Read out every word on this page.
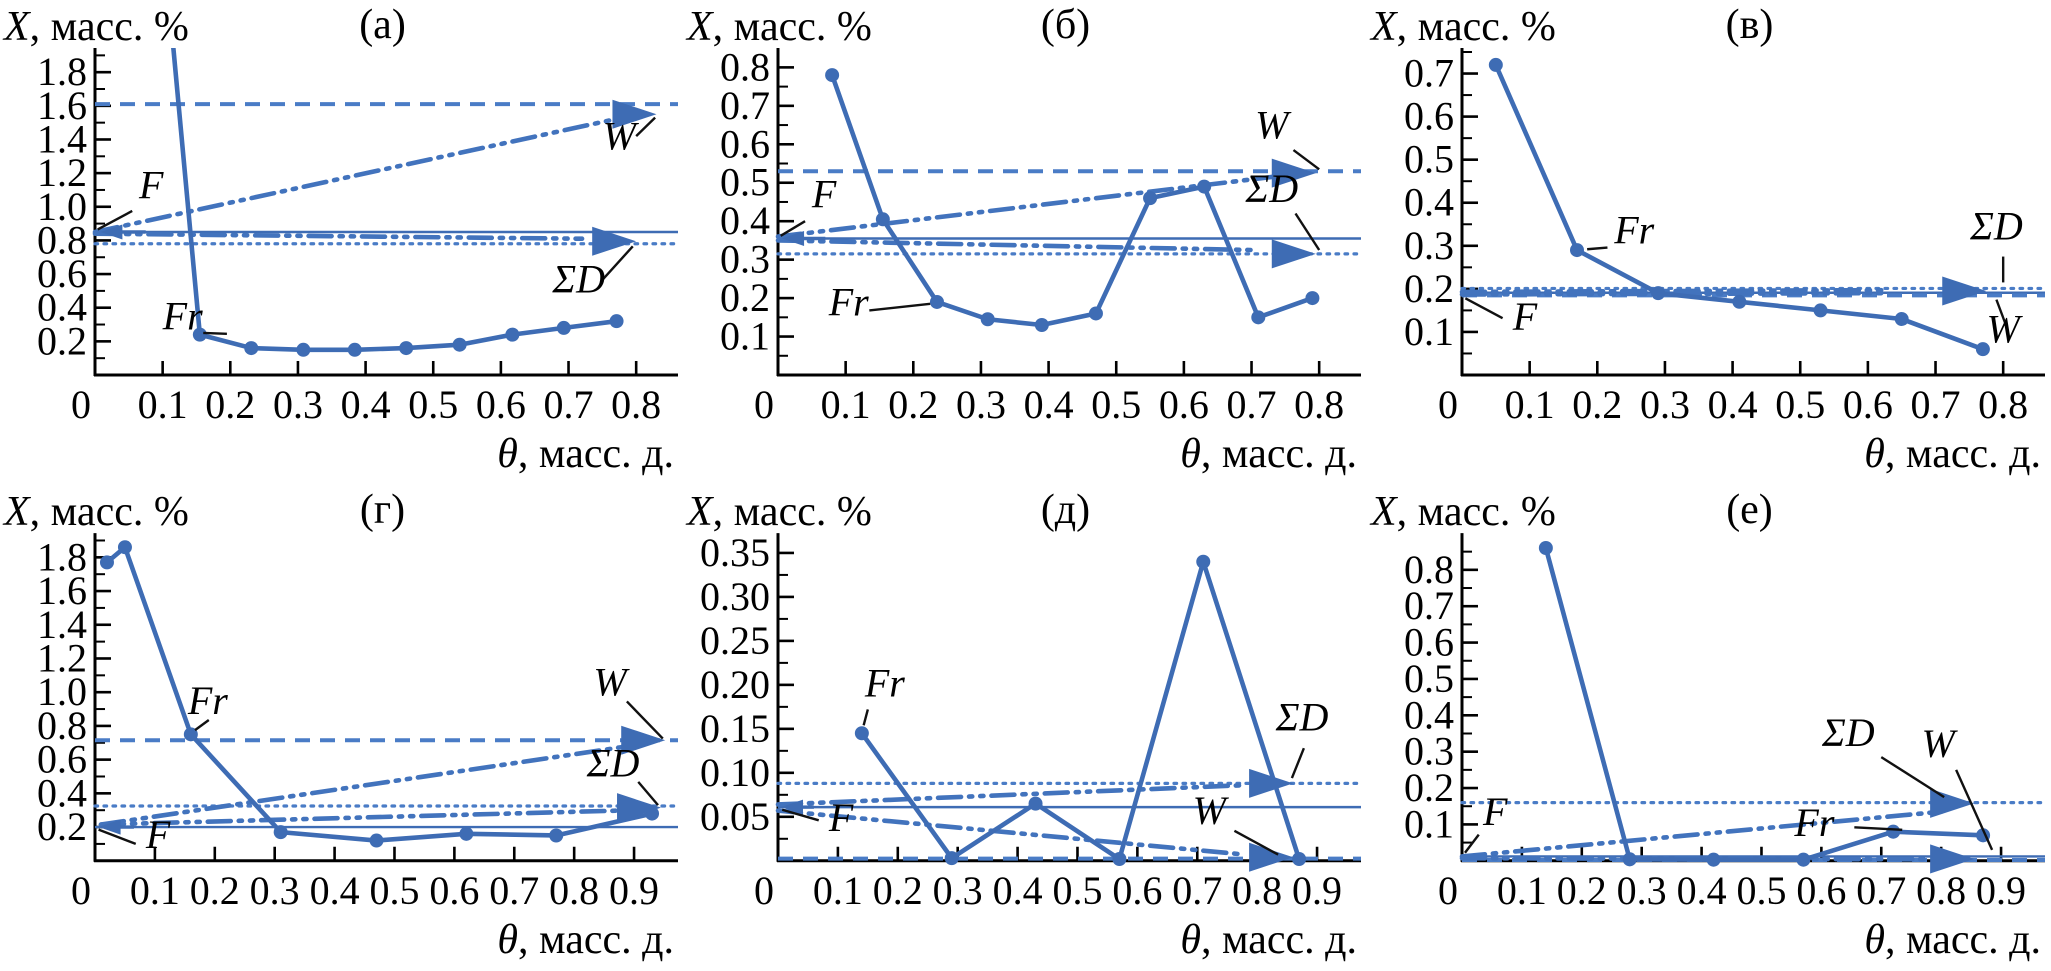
0.2
0.4
0.6
0.8
1.0
1.2
1.4
1.6
1.8
0.1 0.2 0.3 0.4 0.5 0.6 0.7 0.8
0
F
Fr
W
ΣD
(а)
X, масс. %
θ, масс. д.
0.1
0.2
0.3
0.4
0.5
0.6
0.7
0.8
0.1 0.2 0.3 0.4 0.5 0.6 0.7 0.8
0
F
Fr
W
ΣD
(б)
X, масс. %
θ, масс. д.
0.1
0.2
0.3
0.4
0.5
0.6
0.7
0.1 0.2 0.3 0.4 0.5 0.6 0.7 0.8
0
F
Fr
W
ΣD
(в)
X, масс. %
θ, масс. д.
0.2
0.4
0.6
0.8
1.0
1.2
1.4
1.6
1.8
0.1 0.2 0.3 0.4 0.5 0.6 0.7 0.8 0.9
0
F
Fr	W
ΣD
(г)
X, масс. %
θ, масс. д.
0.05
0.10
0.15
0.20
0.25
0.30
0.35
0.1 0.2 0.3 0.4 0.5 0.6 0.7 0.8 0.9
0
F
Fr
W
ΣD
(д)
X, масс. %
θ, масс. д.
0.1
0.2
0.3
0.4
0.5
0.6
0.7
0.8
0.1 0.2 0.3 0.4 0.5 0.6 0.7 0.8 0.9
0
F	Fr
ΣD W
(е)
X, масс. %
θ, масс. д.
